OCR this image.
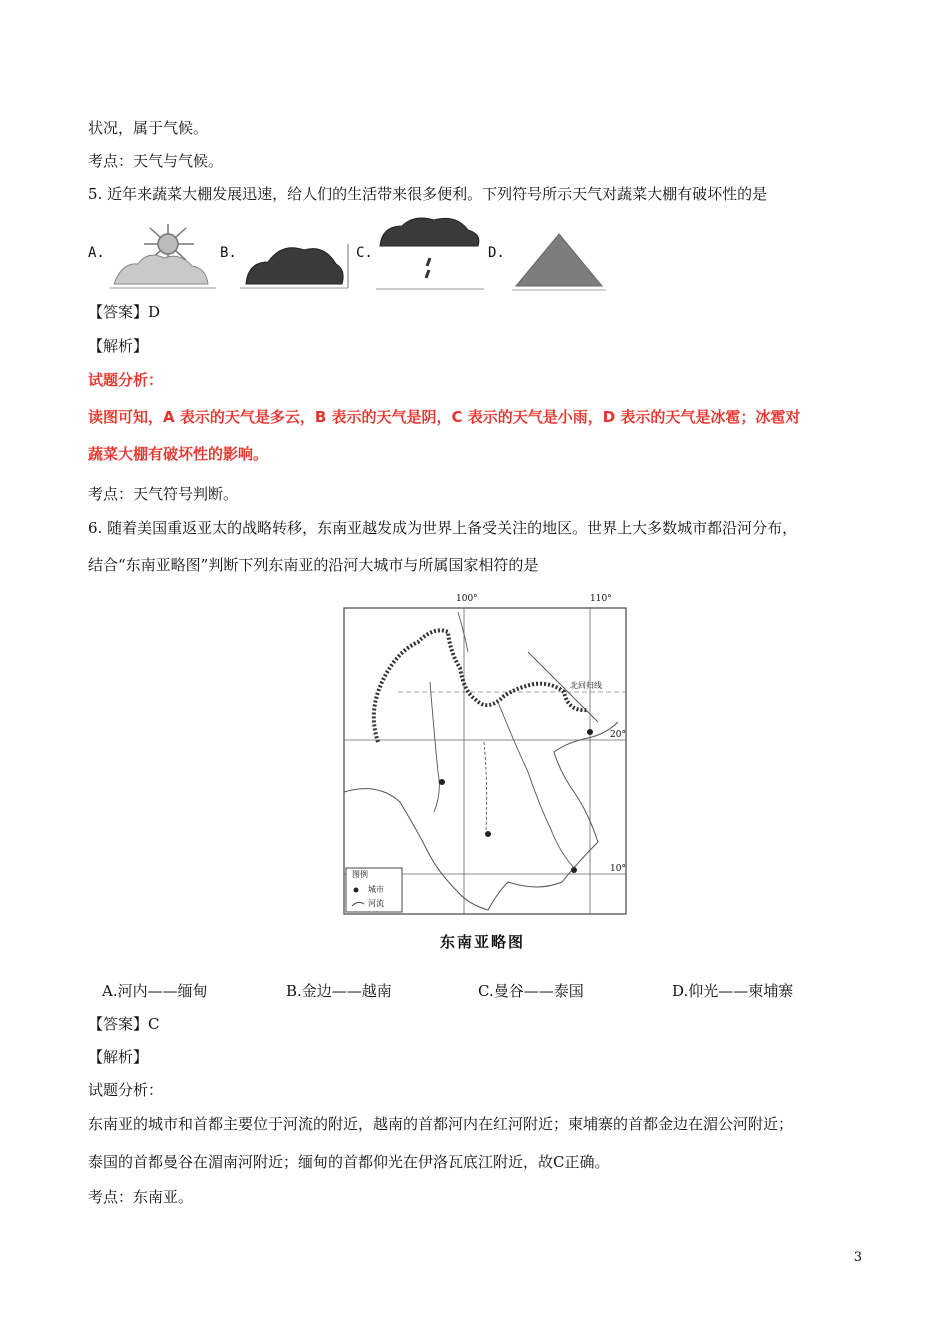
状况，属于气候。
考点：天气与气候。
5. 近年来蔬菜大棚发展迅速，给人们的生活带来很多便利。下列符号所示天气对蔬菜大棚有破坏性的是
A.	B.	C.	D.
【答案】D
【解析】
试题分析：
读图可知，A 表示的天气是多云，B 表示的天气是阴，C 表示的天气是小雨，D 表示的天气是冰雹；冰雹对
蔬菜大棚有破坏性的影响。
考点：天气符号判断。
6. 随着美国重返亚太的战略转移，东南亚越发成为世界上备受关注的地区。世界上大多数城市都沿河分布，
结合“东南亚略图”判断下列东南亚的沿河大城市与所属国家相符的是
100°	110°
20°
10°
北回归线
图例
城市
河流
东南亚略图
A.河内——缅甸	B.金边——越南	C.曼谷——泰国	D.仰光——柬埔寨
【答案】C
【解析】
试题分析：
东南亚的城市和首都主要位于河流的附近，越南的首都河内在红河附近；柬埔寨的首都金边在湄公河附近；
泰国的首都曼谷在湄南河附近；缅甸的首都仰光在伊洛瓦底江附近，故C正确。
考点：东南亚。
3
